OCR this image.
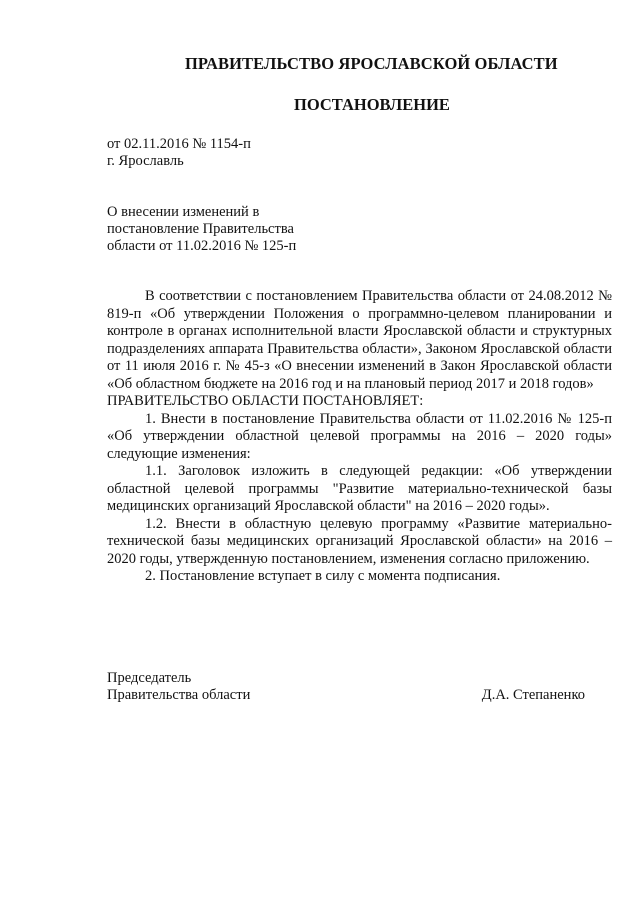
ПРАВИТЕЛЬСТВО ЯРОСЛАВСКОЙ ОБЛАСТИ
ПОСТАНОВЛЕНИЕ
от 02.11.2016 № 1154-п
г. Ярославль
О внесении изменений в
постановление Правительства
области от 11.02.2016 № 125-п

В соответствии с постановлением Правительства области от 24.08.2012 № 819-п «Об утверждении Положения о программно-целевом планировании и контроле в органах исполнительной власти Ярославской области и структурных подразделениях аппарата Правительства области», Законом Ярославской области от 11 июля 2016 г. № 45-з «О внесении изменений в Закон Ярославской области «Об областном бюджете на 2016 год и на плановый период 2017 и 2018 годов»

ПРАВИТЕЛЬСТВО ОБЛАСТИ ПОСТАНОВЛЯЕТ:

1. Внести в постановление Правительства области от 11.02.2016 № 125-п «Об утверждении областной целевой программы на 2016 – 2020 годы» следующие изменения:

1.1. Заголовок изложить в следующей редакции: «Об утверждении областной целевой программы "Развитие материально-технической базы медицинских организаций Ярославской области" на 2016 – 2020 годы».

1.2. Внести в областную целевую программу «Развитие материально-технической базы медицинских организаций Ярославской области» на 2016 – 2020 годы, утвержденную постановлением, изменения согласно приложению.

2. Постановление вступает в силу с момента подписания.

Председатель
Правительства области	Д.А. Степаненко
